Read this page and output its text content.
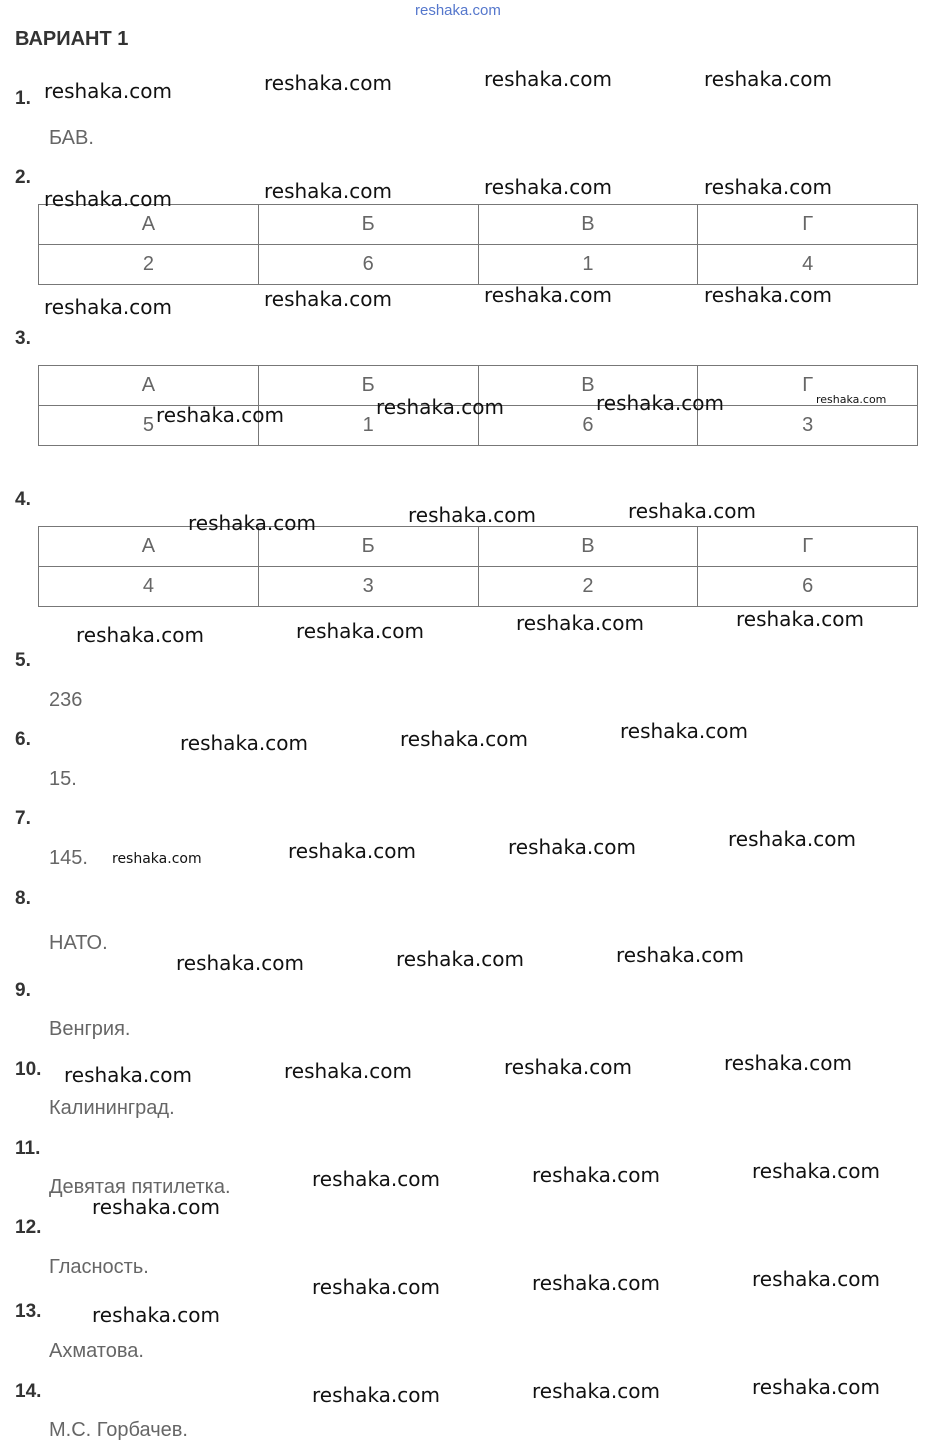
reshaka.com
ВАРИАНТ 1
1.
БАВ.
2.
А	Б	В	Г
2	6	1	4
3.
А	Б	В	Г
5	1	6	3
4.
А	Б	В	Г
4	3	2	6
5.
236
6.
15.
7.
145.
8.
НАТО.
9.
Венгрия.
10.
Калининград.
11.
Девятая пятилетка.
12.
Гласность.
13.
Ахматова.
14.
М.С. Горбачев.
reshaka.com	reshaka.com	reshaka.com	reshaka.com
reshaka.com	reshaka.com	reshaka.com	reshaka.com
reshaka.com	reshaka.com	reshaka.com	reshaka.com
reshaka.com	reshaka.com	reshaka.com	reshaka.com
reshaka.com	reshaka.com	reshaka.com
reshaka.com	reshaka.com	reshaka.com	reshaka.com
reshaka.com	reshaka.com	reshaka.com
reshaka.com	reshaka.com	reshaka.com	reshaka.com
reshaka.com	reshaka.com	reshaka.com
reshaka.com	reshaka.com	reshaka.com	reshaka.com
reshaka.com	reshaka.com	reshaka.com
reshaka.com
reshaka.com	reshaka.com	reshaka.com
reshaka.com
reshaka.com	reshaka.com	reshaka.com
